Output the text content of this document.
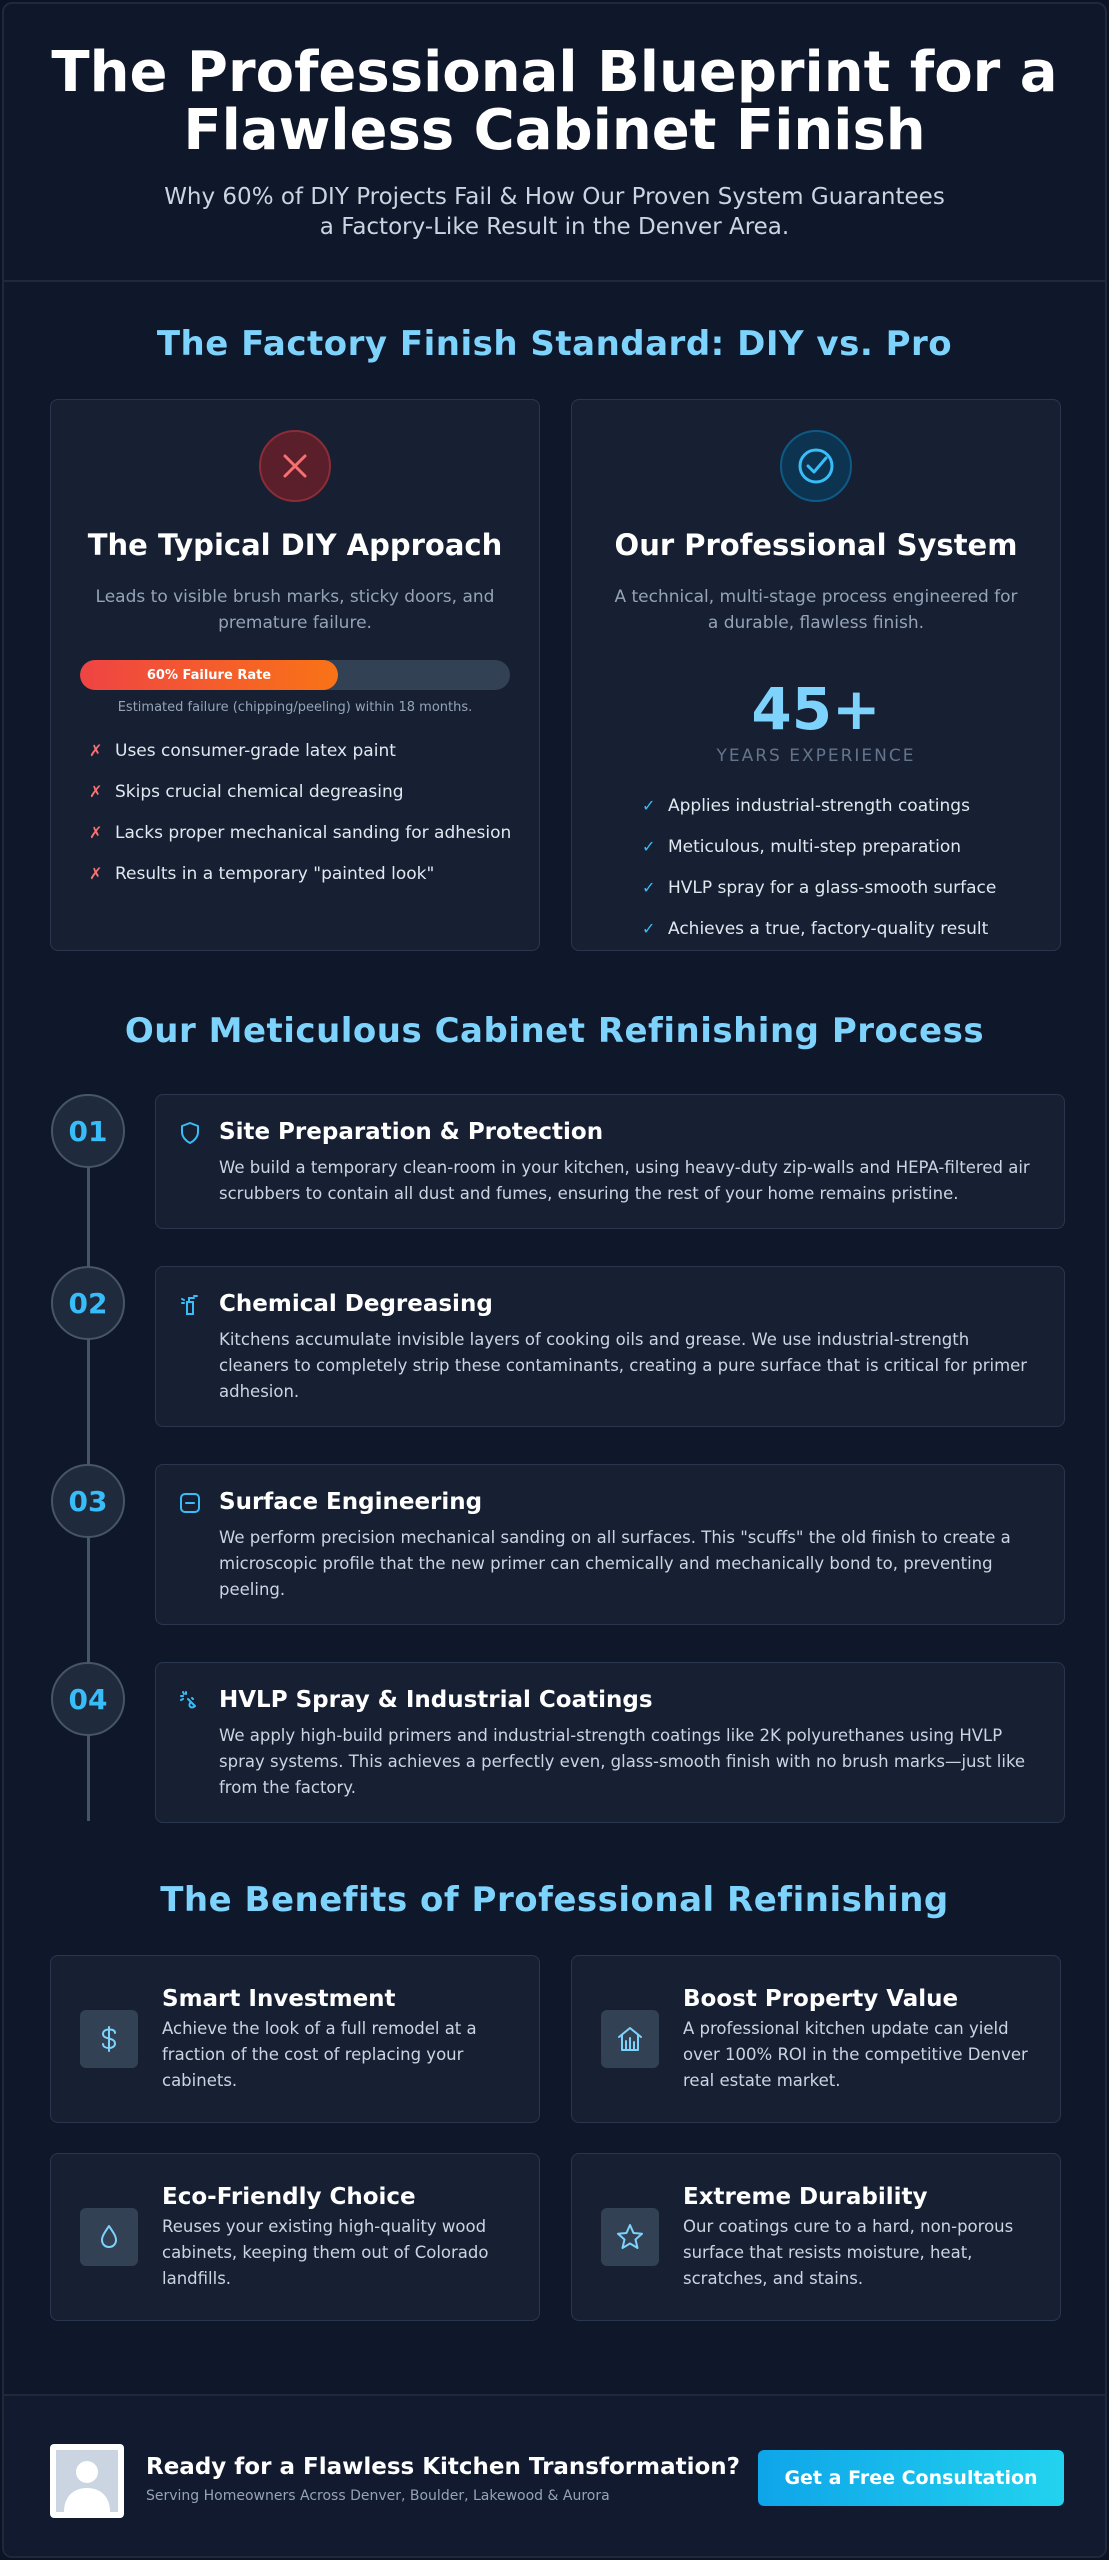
The Professional Blueprint for a Flawless Cabinet Finish

Why 60% of DIY Projects Fail & How Our Proven System Guarantees a Factory-Like Result in the Denver Area.

The Factory Finish Standard: DIY vs. Pro
The Typical DIY Approach

Leads to visible brush marks, sticky doors, and premature failure.

60% Failure Rate
Estimated failure (chipping/peeling) within 18 months.
✗ Uses consumer-grade latex paint
✗ Skips crucial chemical degreasing
✗ Lacks proper mechanical sanding for adhesion
✗ Results in a temporary "painted look"
Our Professional System

A technical, multi-stage process engineered for a durable, flawless finish.

45+
YEARS EXPERIENCE
✓ Applies industrial-strength coatings
✓ Meticulous, multi-step preparation
✓ HVLP spray for a glass-smooth surface
✓ Achieves a true, factory-quality result
Our Meticulous Cabinet Refinishing Process
01	Site Preparation & Protection

We build a temporary clean-room in your kitchen, using heavy-duty zip-walls and HEPA-filtered air scrubbers to contain all dust and fumes, ensuring the rest of your home remains pristine.

02	Chemical Degreasing

Kitchens accumulate invisible layers of cooking oils and grease. We use industrial-strength cleaners to completely strip these contaminants, creating a pure surface that is critical for primer adhesion.

03	Surface Engineering

We perform precision mechanical sanding on all surfaces. This "scuffs" the old finish to create a microscopic profile that the new primer can chemically and mechanically bond to, preventing peeling.

04	HVLP Spray & Industrial Coatings

We apply high-build primers and industrial-strength coatings like 2K polyurethanes using HVLP spray systems. This achieves a perfectly even, glass-smooth finish with no brush marks—just like from the factory.

The Benefits of Professional Refinishing
Smart Investment

Achieve the look of a full remodel at a fraction of the cost of replacing your cabinets.

Boost Property Value

A professional kitchen update can yield over 100% ROI in the competitive Denver real estate market.

Eco-Friendly Choice

Reuses your existing high-quality wood cabinets, keeping them out of Colorado landfills.

Extreme Durability

Our coatings cure to a hard, non-porous surface that resists moisture, heat, scratches, and stains.

Ready for a Flawless Kitchen Transformation?
Serving Homeowners Across Denver, Boulder, Lakewood & Aurora
Get a Free Consultation
